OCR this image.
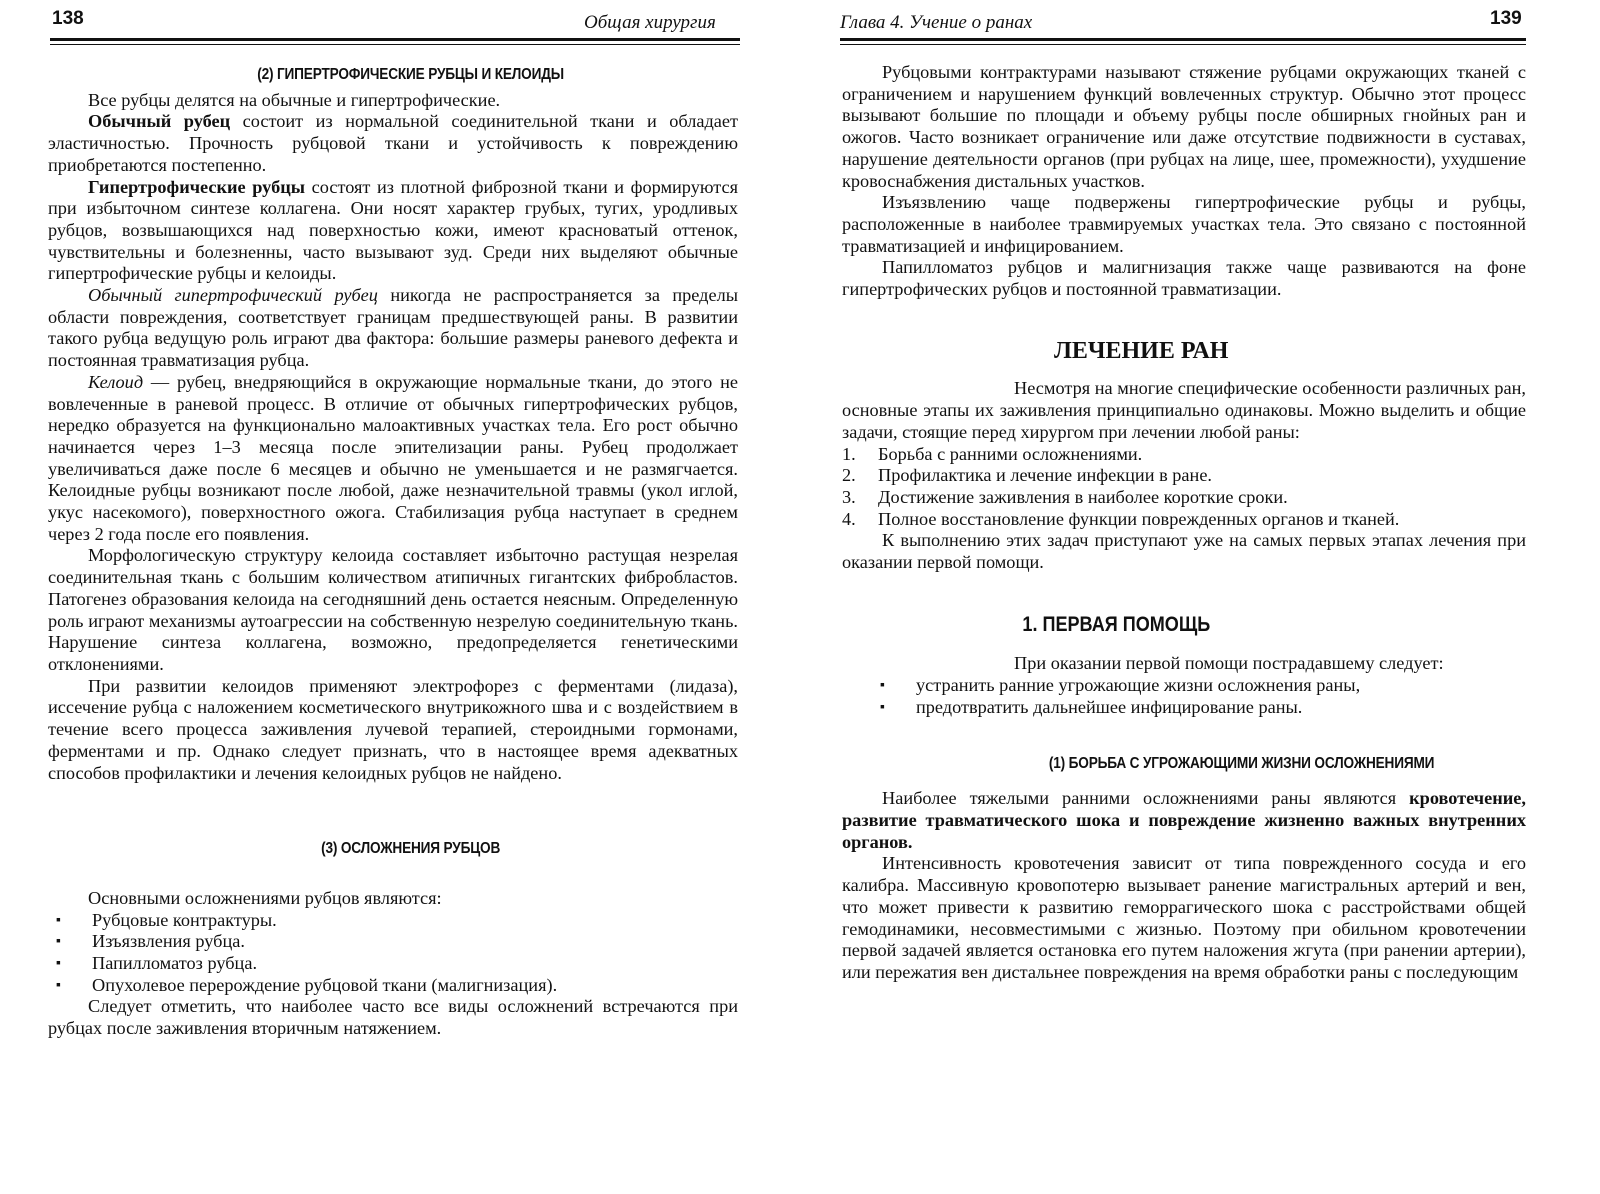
138	Общая хирургия

(2) ГИПЕРТРОФИЧЕСКИЕ РУБЦЫ И КЕЛОИДЫ

Все рубцы делятся на обычные и гипертрофические.

Обычный рубец состоит из нормальной соединительной ткани и обладает эластичностью. Прочность рубцовой ткани и устойчивость к повреждению приобретаются постепенно.

Гипертрофические рубцы состоят из плотной фиброзной ткани и формируются при избыточном синтезе коллагена. Они носят характер грубых, тугих, уродливых рубцов, возвышающихся над поверхностью кожи, имеют красноватый оттенок, чувствительны и болезненны, часто вызывают зуд. Среди них выделяют обычные гипертрофические рубцы и келоиды.

Обычный гипертрофический рубец никогда не распространяется за пределы области повреждения, соответствует границам предшествующей раны. В развитии такого рубца ведущую роль играют два фактора: большие размеры раневого дефекта и постоянная травматизация рубца.

Келоид — рубец, внедряющийся в окружающие нормальные ткани, до этого не вовлеченные в раневой процесс. В отличие от обычных гипертрофических рубцов, нередко образуется на функционально малоактивных участках тела. Его рост обычно начинается через 1–3 месяца после эпителизации раны. Рубец продолжает увеличиваться даже после 6 месяцев и обычно не уменьшается и не размягчается. Келоидные рубцы возникают после любой, даже незначительной травмы (укол иглой, укус насекомого), поверхностного ожога. Стабилизация рубца наступает в среднем через 2 года после его появления.

Морфологическую структуру келоида составляет избыточно растущая незрелая соединительная ткань с большим количеством атипичных гигантских фибробластов. Патогенез образования келоида на сегодняшний день остается неясным. Определенную роль играют механизмы аутоагрессии на собственную незрелую соединительную ткань. Нарушение синтеза коллагена, возможно, предопределяется генетическими отклонениями.

При развитии келоидов применяют электрофорез с ферментами (лидаза), иссечение рубца с наложением косметического внутрикожного шва и с воздействием в течение всего процесса заживления лучевой терапией, стероидными гормонами, ферментами и пр. Однако следует признать, что в настоящее время адекватных способов профилактики и лечения келоидных рубцов не найдено.

(3) ОСЛОЖНЕНИЯ РУБЦОВ

Основными осложнениями рубцов являются:

▪ Рубцовые контрактуры.
▪ Изъязвления рубца.
▪ Папилломатоз рубца.
▪ Опухолевое перерождение рубцовой ткани (малигнизация).

Следует отметить, что наиболее часто все виды осложнений встречаются при рубцах после заживления вторичным натяжением.

Глава 4. Учение о ранах	139

Рубцовыми контрактурами называют стяжение рубцами окружающих тканей с ограничением и нарушением функций вовлеченных структур. Обычно этот процесс вызывают большие по площади и объему рубцы после обширных гнойных ран и ожогов. Часто возникает ограничение или даже отсутствие подвижности в суставах, нарушение деятельности органов (при рубцах на лице, шее, промежности), ухудшение кровоснабжения дистальных участков.

Изъязвлению чаще подвержены гипертрофические рубцы и рубцы, расположенные в наиболее травмируемых участках тела. Это связано с постоянной травматизацией и инфицированием.

Папилломатоз рубцов и малигнизация также чаще развиваются на фоне гипертрофических рубцов и постоянной травматизации.

ЛЕЧЕНИЕ РАН

Несмотря на многие специфические особенности различных ран, основные этапы их заживления принципиально одинаковы. Можно выделить и общие задачи, стоящие перед хирургом при лечении любой раны:

1. Борьба с ранними осложнениями.
2. Профилактика и лечение инфекции в ране.
3. Достижение заживления в наиболее короткие сроки.
4. Полное восстановление функции поврежденных органов и тканей.

К выполнению этих задач приступают уже на самых первых этапах лечения при оказании первой помощи.

1. ПЕРВАЯ ПОМОЩЬ

При оказании первой помощи пострадавшему следует:

▪ устранить ранние угрожающие жизни осложнения раны,
▪ предотвратить дальнейшее инфицирование раны.

(1) БОРЬБА С УГРОЖАЮЩИМИ ЖИЗНИ ОСЛОЖНЕНИЯМИ

Наиболее тяжелыми ранними осложнениями раны являются кровотечение, развитие травматического шока и повреждение жизненно важных внутренних органов.

Интенсивность кровотечения зависит от типа поврежденного сосуда и его калибра. Массивную кровопотерю вызывает ранение магистральных артерий и вен, что может привести к развитию геморрагического шока с расстройствами общей гемодинамики, несовместимыми с жизнью. Поэтому при обильном кровотечении первой задачей является остановка его путем наложения жгута (при ранении артерии), или пережатия вен дистальнее повреждения на время обработки раны с последующим
